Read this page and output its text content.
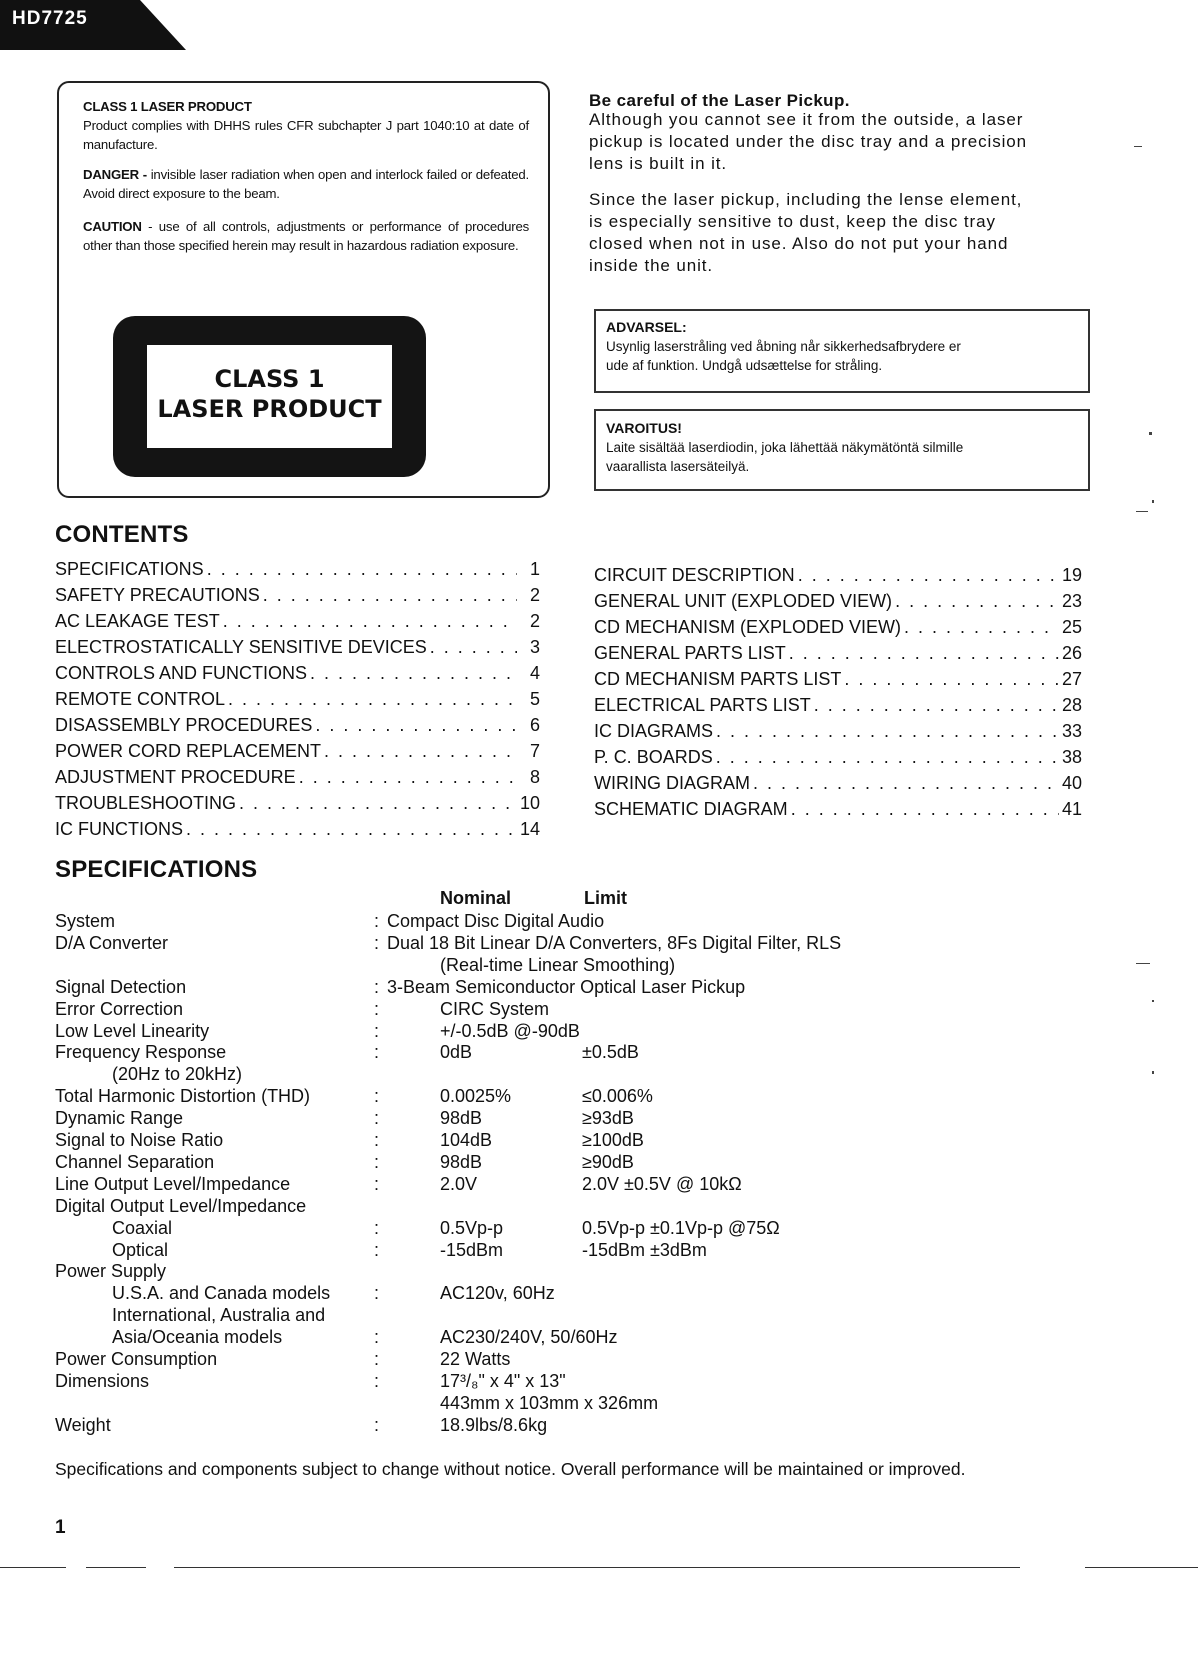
HD7725
CLASS 1 LASER PRODUCT
Product complies with DHHS rules CFR subchapter J part 1040:10 at date of manufacture.
DANGER - invisible laser radiation when open and interlock failed or defeated. Avoid direct exposure to the beam.
CAUTION - use of all controls, adjustments or performance of procedures other than those specified herein may result in hazardous radiation exposure.
CLASS 1
LASER PRODUCT
Be careful of the Laser Pickup.
Although you cannot see it from the outside, a laser
pickup is located under the disc tray and a precision
lens is built in it.
Since the laser pickup, including the lense element,
is especially sensitive to dust, keep the disc tray
closed when not in use. Also do not put your hand
inside the unit.
ADVARSEL:
Usynlig laserstråling ved åbning når sikkerhedsafbrydere er
ude af funktion. Undgå udsættelse for stråling.
VAROITUS!
Laite sisältää laserdiodin, joka lähettää näkymätöntä silmille
vaarallista lasersäteilyä.
CONTENTS
SPECIFICATIONS . . .	1
SAFETY PRECAUTIONS . . .	2
AC LEAKAGE TEST . . .	2
ELECTROSTATICALLY SENSITIVE DEVICES . . .	3
CONTROLS AND FUNCTIONS . . .	4
REMOTE CONTROL . . .	5
DISASSEMBLY PROCEDURES . . .	6
POWER CORD REPLACEMENT . . .	7
ADJUSTMENT PROCEDURE . . .	8
TROUBLESHOOTING . . .	10
IC FUNCTIONS . . .	14
CIRCUIT DESCRIPTION . . .	19
GENERAL UNIT (EXPLODED VIEW) . . .	23
CD MECHANISM (EXPLODED VIEW) . . .	25
GENERAL PARTS LIST . . .	26
CD MECHANISM PARTS LIST . . .	27
ELECTRICAL PARTS LIST . . .	28
IC DIAGRAMS . . .	33
P. C. BOARDS . . .	38
WIRING DIAGRAM . . .	40
SCHEMATIC DIAGRAM . . .	41
SPECIFICATIONS
Nominal	Limit
System	: Compact Disc Digital Audio
D/A Converter	: Dual 18 Bit Linear D/A Converters, 8Fs Digital Filter, RLS
(Real-time Linear Smoothing)
Signal Detection	: 3-Beam Semiconductor Optical Laser Pickup
Error Correction	:	CIRC System
Low Level Linearity	:	+/-0.5dB @-90dB
Frequency Response	:	0dB	±0.5dB
(20Hz to 20kHz)
Total Harmonic Distortion (THD)	:	0.0025%	≤0.006%
Dynamic Range	:	98dB	≥93dB
Signal to Noise Ratio	:	104dB	≥100dB
Channel Separation	:	98dB	≥90dB
Line Output Level/Impedance	:	2.0V	2.0V ±0.5V @ 10kΩ
Digital Output Level/Impedance
Coaxial	:	0.5Vp-p	0.5Vp-p ±0.1Vp-p @75Ω
Optical	:	-15dBm	-15dBm ±3dBm
Power Supply
U.S.A. and Canada models :	AC120v, 60Hz
International, Australia and
Asia/Oceania models	:	AC230/240V, 50/60Hz
Power Consumption	:	22 Watts
Dimensions	:	17³/₈" x 4" x 13"
443mm x 103mm x 326mm
Weight	:	18.9lbs/8.6kg
Specifications and components subject to change without notice. Overall performance will be maintained or improved.
1
